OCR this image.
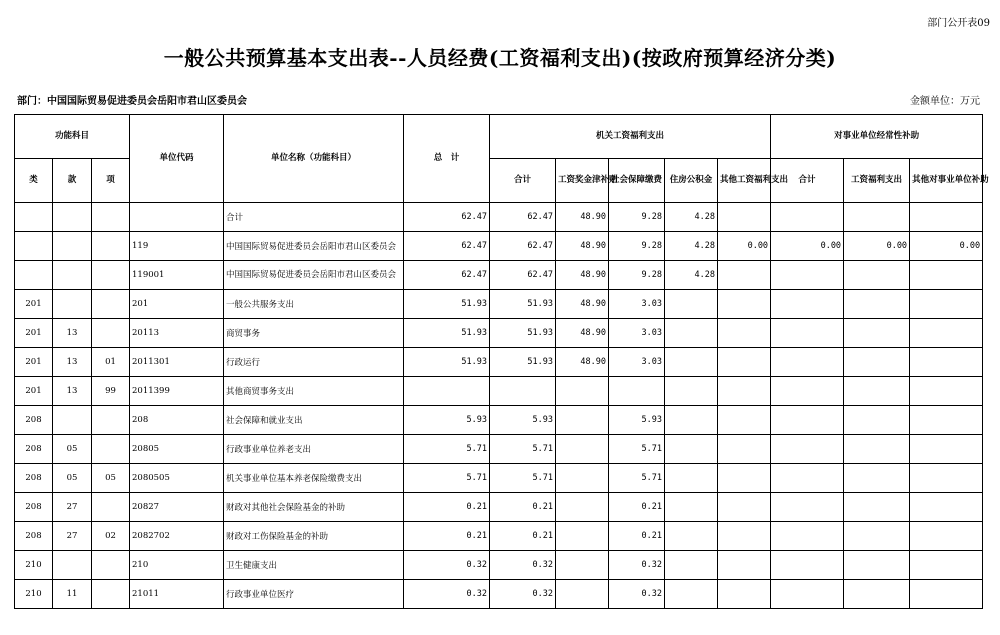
部门公开表09
一般公共预算基本支出表--人员经费(工资福利支出)(按政府预算经济分类)
部门：中国国际贸易促进委员会岳阳市君山区委员会	金额单位：万元
功能科目			单位代码	单位名称（功能科目）	总　计	机关工资福利支出					对事业单位经常性补助		
类	款	项				合计	工资奖金津补贴	社会保障缴费	住房公积金	其他工资福利支出	合计	工资福利支出	其他对事业单位补助
				合计	62.47	62.47	48.90	9.28	4.28				
			119	中国国际贸易促进委员会岳阳市君山区委员会	62.47	62.47	48.90	9.28	4.28	0.00	0.00	0.00	0.00
			119001	中国国际贸易促进委员会岳阳市君山区委员会	62.47	62.47	48.90	9.28	4.28				
201			201	一般公共服务支出	51.93	51.93	48.90	3.03					
201	13		20113	商贸事务	51.93	51.93	48.90	3.03					
201	13	01	2011301	行政运行	51.93	51.93	48.90	3.03					
201	13	99	2011399	其他商贸事务支出									
208			208	社会保障和就业支出	5.93	5.93		5.93					
208	05		20805	行政事业单位养老支出	5.71	5.71		5.71					
208	05	05	2080505	机关事业单位基本养老保险缴费支出	5.71	5.71		5.71					
208	27		20827	财政对其他社会保险基金的补助	0.21	0.21		0.21					
208	27	02	2082702	财政对工伤保险基金的补助	0.21	0.21		0.21					
210			210	卫生健康支出	0.32	0.32		0.32					
210	11		21011	行政事业单位医疗	0.32	0.32		0.32					
